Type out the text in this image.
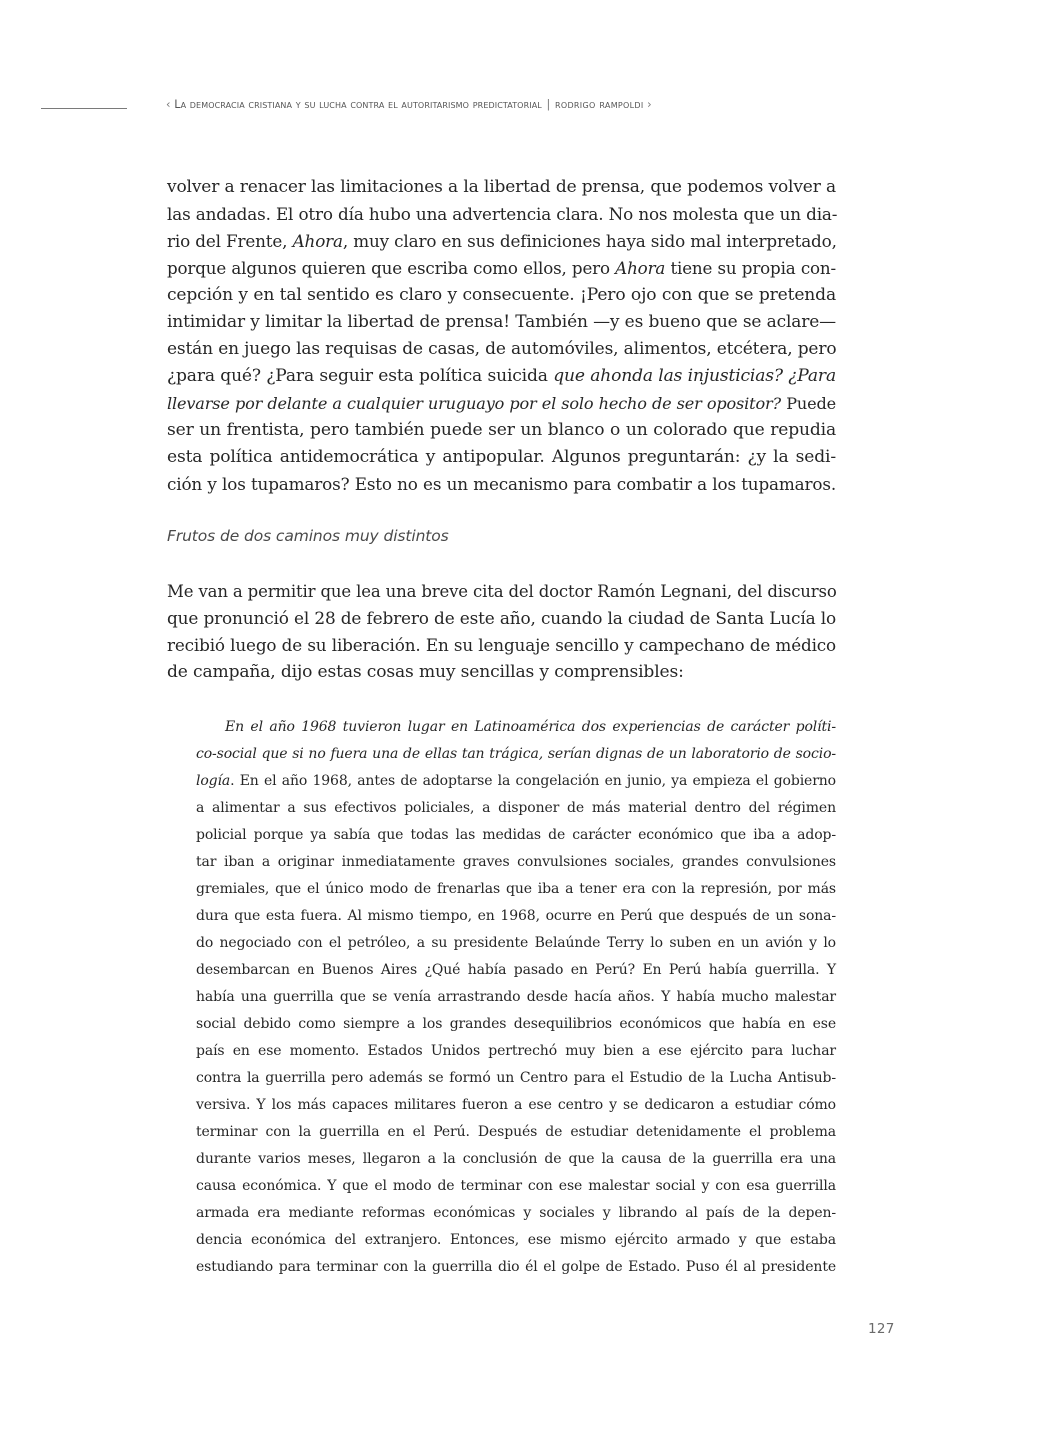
‹ La democracia cristiana y su lucha contra el autoritarismo predictatorial | rodrigo rampoldi ›
volver a renacer las limitaciones a la libertad de prensa, que podemos volver a
las andadas. El otro día hubo una advertencia clara. No nos molesta que un dia-
rio del Frente, Ahora, muy claro en sus definiciones haya sido mal interpretado,
porque algunos quieren que escriba como ellos, pero Ahora tiene su propia con-
cepción y en tal sentido es claro y consecuente. ¡Pero ojo con que se pretenda
intimidar y limitar la libertad de prensa! También —y es bueno que se aclare—
están en juego las requisas de casas, de automóviles, alimentos, etcétera, pero
¿para qué? ¿Para seguir esta política suicida que ahonda las injusticias? ¿Para
llevarse por delante a cualquier uruguayo por el solo hecho de ser opositor? Puede
ser un frentista, pero también puede ser un blanco o un colorado que repudia
esta política antidemocrática y antipopular. Algunos preguntarán: ¿y la sedi-
ción y los tupamaros? Esto no es un mecanismo para combatir a los tupamaros.
Frutos de dos caminos muy distintos
Me van a permitir que lea una breve cita del doctor Ramón Legnani, del discurso
que pronunció el 28 de febrero de este año, cuando la ciudad de Santa Lucía lo
recibió luego de su liberación. En su lenguaje sencillo y campechano de médico
de campaña, dijo estas cosas muy sencillas y comprensibles:
En el año 1968 tuvieron lugar en Latinoamérica dos experiencias de carácter políti-
co-social que si no fuera una de ellas tan trágica, serían dignas de un laboratorio de socio-
logía. En el año 1968, antes de adoptarse la congelación en junio, ya empieza el gobierno
a alimentar a sus efectivos policiales, a disponer de más material dentro del régimen
policial porque ya sabía que todas las medidas de carácter económico que iba a adop-
tar iban a originar inmediatamente graves convulsiones sociales, grandes convulsiones
gremiales, que el único modo de frenarlas que iba a tener era con la represión, por más
dura que esta fuera. Al mismo tiempo, en 1968, ocurre en Perú que después de un sona-
do negociado con el petróleo, a su presidente Belaúnde Terry lo suben en un avión y lo
desembarcan en Buenos Aires ¿Qué había pasado en Perú? En Perú había guerrilla. Y
había una guerrilla que se venía arrastrando desde hacía años. Y había mucho malestar
social debido como siempre a los grandes desequilibrios económicos que había en ese
país en ese momento. Estados Unidos pertrechó muy bien a ese ejército para luchar
contra la guerrilla pero además se formó un Centro para el Estudio de la Lucha Antisub-
versiva. Y los más capaces militares fueron a ese centro y se dedicaron a estudiar cómo
terminar con la guerrilla en el Perú. Después de estudiar detenidamente el problema
durante varios meses, llegaron a la conclusión de que la causa de la guerrilla era una
causa económica. Y que el modo de terminar con ese malestar social y con esa guerrilla
armada era mediante reformas económicas y sociales y librando al país de la depen-
dencia económica del extranjero. Entonces, ese mismo ejército armado y que estaba
estudiando para terminar con la guerrilla dio él el golpe de Estado. Puso él al presidente
127
